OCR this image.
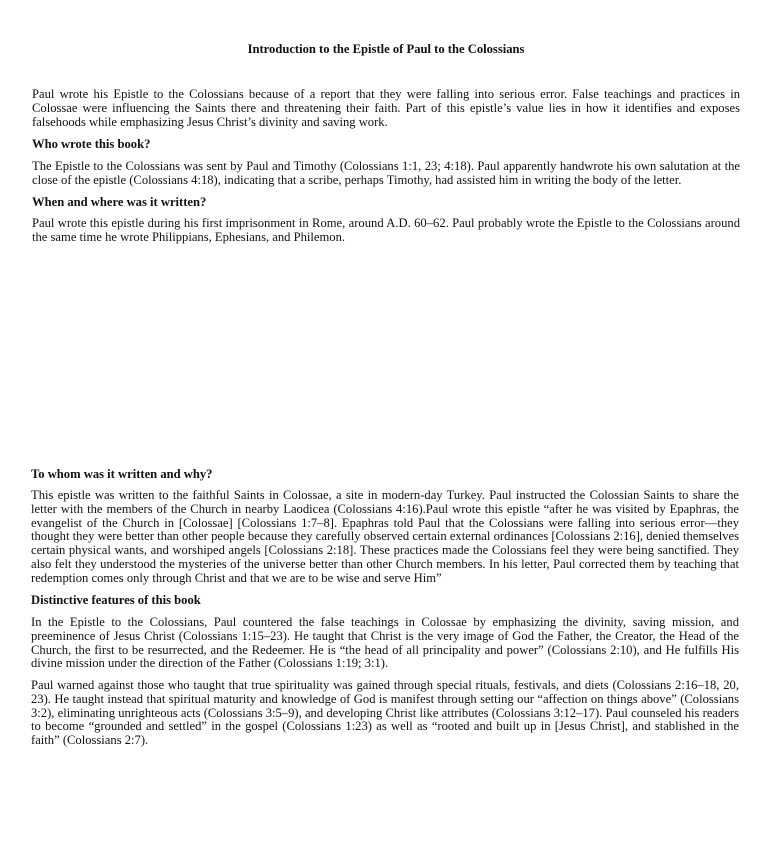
Introduction to the Epistle of Paul to the Colossians

Paul wrote his Epistle to the Colossians because of a report that they were falling into serious error. False teachings and practices in Colossae were influencing the Saints there and threatening their faith. Part of this epistle’s value lies in how it identifies and exposes falsehoods while emphasizing Jesus Christ’s divinity and saving work.

Who wrote this book?

The Epistle to the Colossians was sent by Paul and Timothy (Colossians 1:1, 23; 4:18). Paul apparently handwrote his own salutation at the close of the epistle (Colossians 4:18), indicating that a scribe, perhaps Timothy, had assisted him in writing the body of the letter.

When and where was it written?

Paul wrote this epistle during his first imprisonment in Rome, around A.D. 60–62. Paul probably wrote the Epistle to the Colossians around the same time he wrote Philippians, Ephesians, and Philemon.

To whom was it written and why?

This epistle was written to the faithful Saints in Colossae, a site in modern-day Turkey. Paul instructed the Colossian Saints to share the letter with the members of the Church in nearby Laodicea (Colossians 4:16).Paul wrote this epistle “after he was visited by Epaphras, the evangelist of the Church in [Colossae] [Colossians 1:7–8]. Epaphras told Paul that the Colossians were falling into serious error—they thought they were better than other people because they carefully observed certain external ordinances [Colossians 2:16], denied themselves certain physical wants, and worshiped angels [Colossians 2:18]. These practices made the Colossians feel they were being sanctified. They also felt they understood the mysteries of the universe better than other Church members. In his letter, Paul corrected them by teaching that redemption comes only through Christ and that we are to be wise and serve Him”

Distinctive features of this book

In the Epistle to the Colossians, Paul countered the false teachings in Colossae by emphasizing the divinity, saving mission, and preeminence of Jesus Christ (Colossians 1:15–23). He taught that Christ is the very image of God the Father, the Creator, the Head of the Church, the first to be resurrected, and the Redeemer. He is “the head of all principality and power” (Colossians 2:10), and He fulfills His divine mission under the direction of the Father (Colossians 1:19; 3:1).

Paul warned against those who taught that true spirituality was gained through special rituals, festivals, and diets (Colossians 2:16–18, 20, 23). He taught instead that spiritual maturity and knowledge of God is manifest through setting our “affection on things above” (Colossians 3:2), eliminating unrighteous acts (Colossians 3:5–9), and developing Christ like attributes (Colossians 3:12–17). Paul counseled his readers to become “grounded and settled” in the gospel (Colossians 1:23) as well as “rooted and built up in [Jesus Christ], and stablished in the faith” (Colossians 2:7).
